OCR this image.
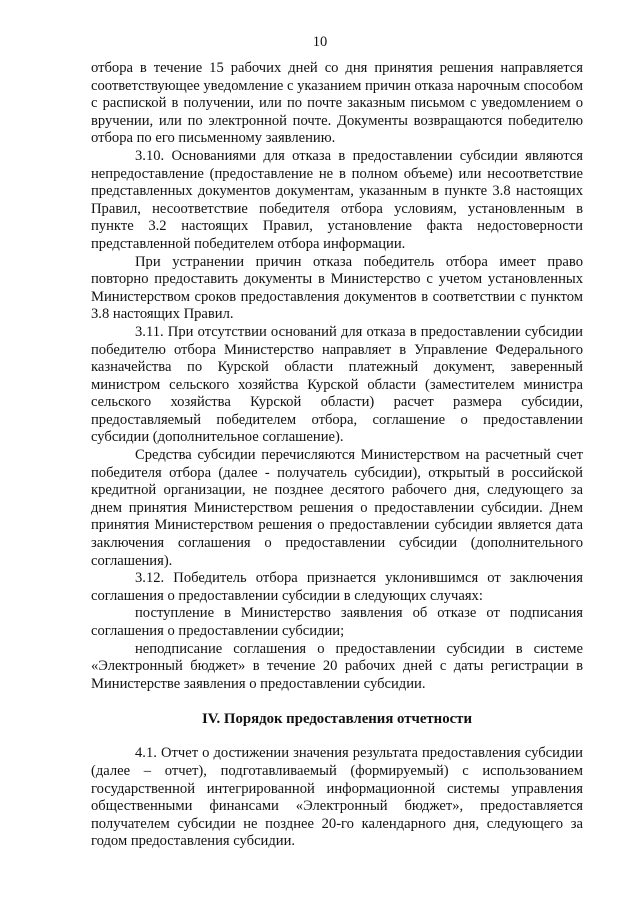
10

отбора в течение 15 рабочих дней со дня принятия решения направляется соответствующее уведомление с указанием причин отказа нарочным способом с распиской в получении, или по почте заказным письмом с уведомлением о вручении, или по электронной почте. Документы возвращаются победителю отбора по его письменному заявлению.

3.10. Основаниями для отказа в предоставлении субсидии являются непредоставление (предоставление не в полном объеме) или несоответствие представленных документов документам, указанным в пункте 3.8 настоящих Правил, несоответствие победителя отбора условиям, установленным в пункте 3.2 настоящих Правил, установление факта недостоверности представленной победителем отбора информации.

При устранении причин отказа победитель отбора имеет право повторно предоставить документы в Министерство с учетом установленных Министерством сроков предоставления документов в соответствии с пунктом 3.8 настоящих Правил.

3.11. При отсутствии оснований для отказа в предоставлении субсидии победителю отбора Министерство направляет в Управление Федерального казначейства по Курской области платежный документ, заверенный министром сельского хозяйства Курской области (заместителем министра сельского хозяйства Курской области) расчет размера субсидии, предоставляемый победителем отбора, соглашение о предоставлении субсидии (дополнительное соглашение).

Средства субсидии перечисляются Министерством на расчетный счет победителя отбора (далее - получатель субсидии), открытый в российской кредитной организации, не позднее десятого рабочего дня, следующего за днем принятия Министерством решения о предоставлении субсидии. Днем принятия Министерством решения о предоставлении субсидии является дата заключения соглашения о предоставлении субсидии (дополнительного соглашения).

3.12. Победитель отбора признается уклонившимся от заключения соглашения о предоставлении субсидии в следующих случаях:

поступление в Министерство заявления об отказе от подписания соглашения о предоставлении субсидии;

неподписание соглашения о предоставлении субсидии в системе «Электронный бюджет» в течение 20 рабочих дней с даты регистрации в Министерстве заявления о предоставлении субсидии.

IV. Порядок предоставления отчетности

4.1. Отчет о достижении значения результата предоставления субсидии (далее – отчет), подготавливаемый (формируемый) с использованием государственной интегрированной информационной системы управления общественными финансами «Электронный бюджет», предоставляется получателем субсидии не позднее 20-го календарного дня, следующего за годом предоставления субсидии.
